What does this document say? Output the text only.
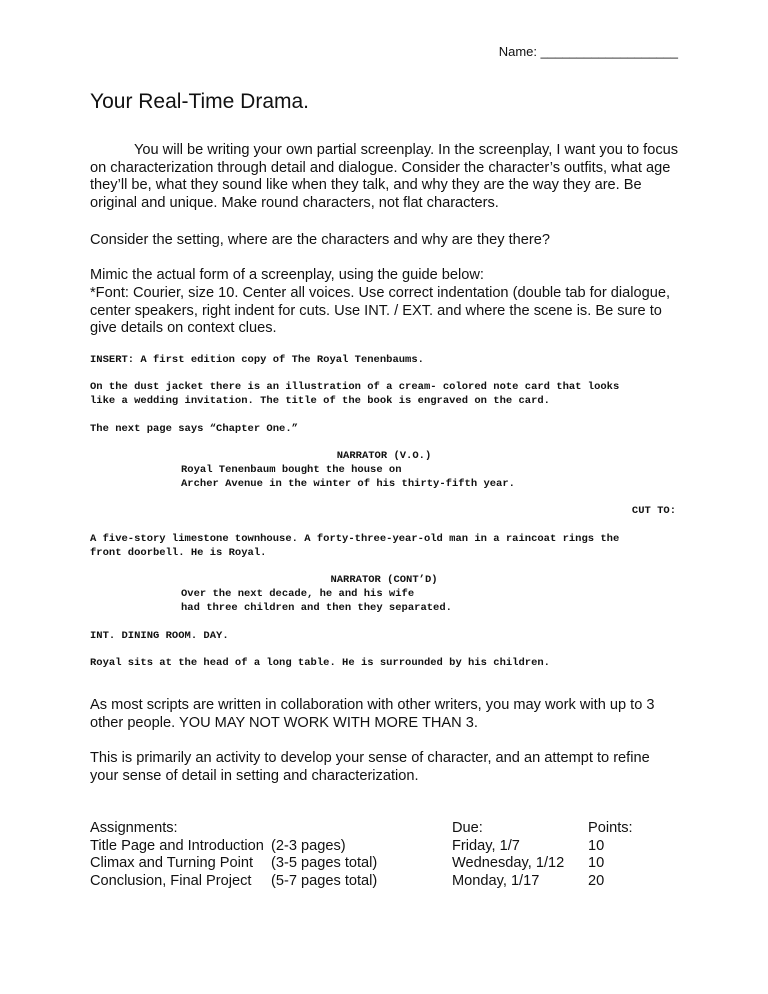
Name: ___________________
Your Real-Time Drama.

You will be writing your own partial screenplay. In the screenplay, I want you to focus on characterization through detail and dialogue. Consider the character’s outfits, what age they’ll be, what they sound like when they talk, and why they are the way they are. Be original and unique. Make round characters, not flat characters.

Consider the setting, where are the characters and why are they there?

Mimic the actual form of a screenplay, using the guide below:

*Font: Courier, size 10. Center all voices. Use correct indentation (double tab for dialogue, center speakers, right indent for cuts. Use INT. / EXT. and where the scene is. Be sure to give details on context clues.

INSERT: A first edition copy of The Royal Tenenbaums.

On the dust jacket there is an illustration of a cream- colored note card that looks
like a wedding invitation. The title of the book is engraved on the card.

The next page says “Chapter One.”

NARRATOR (V.O.)

Royal Tenenbaum bought the house on
Archer Avenue in the winter of his thirty-fifth year.

CUT TO:

A five-story limestone townhouse. A forty-three-year-old man in a raincoat rings the
front doorbell. He is Royal.

NARRATOR (CONT’D)

Over the next decade, he and his wife
had three children and then they separated.

INT. DINING ROOM. DAY.

Royal sits at the head of a long table. He is surrounded by his children.

As most scripts are written in collaboration with other writers, you may work with up to 3 other people. YOU MAY NOT WORK WITH MORE THAN 3.

This is primarily an activity to develop your sense of character, and an attempt to refine your sense of detail in setting and characterization.

Assignments:		Due:	Points:
Title Page and Introduction	(2-3 pages)	Friday, 1/7	10
Climax and Turning Point	(3-5 pages total)	Wednesday, 1/12	10
Conclusion, Final Project	(5-7 pages total)	Monday, 1/17	20
